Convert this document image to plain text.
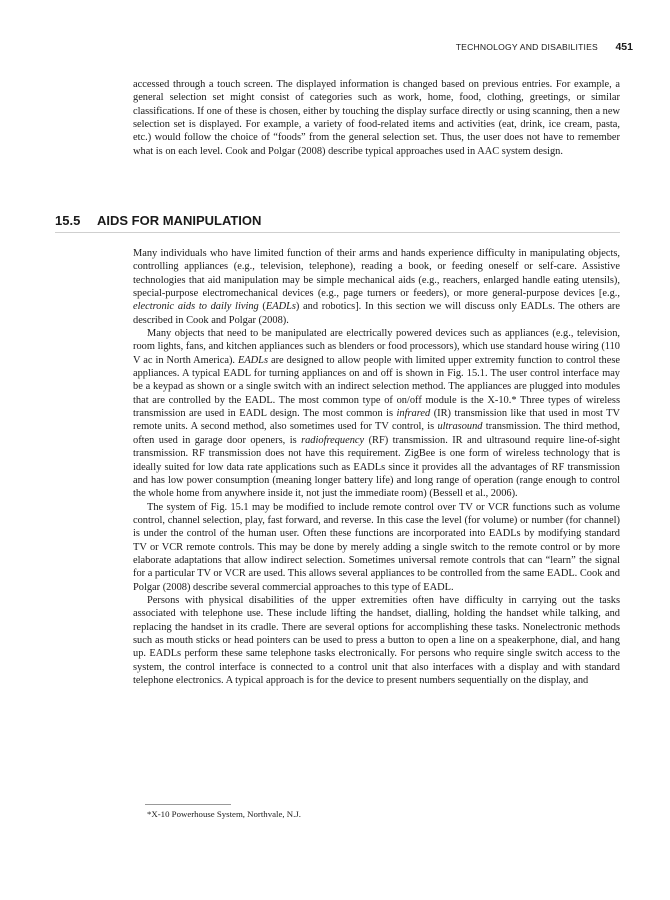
TECHNOLOGY AND DISABILITIES 451

accessed through a touch screen. The displayed information is changed based on previous entries. For example, a general selection set might consist of categories such as work, home, food, clothing, greetings, or similar classifications. If one of these is chosen, either by touching the display surface directly or using scanning, then a new selection set is displayed. For example, a variety of food-related items and activities (eat, drink, ice cream, pasta, etc.) would follow the choice of “foods” from the general selection set. Thus, the user does not have to remember what is on each level. Cook and Polgar (2008) describe typical approaches used in AAC system design.

15.5 AIDS FOR MANIPULATION

Many individuals who have limited function of their arms and hands experience difficulty in manipulating objects, controlling appliances (e.g., television, telephone), reading a book, or feeding oneself or self-care. Assistive technologies that aid manipulation may be simple mechanical aids (e.g., reachers, enlarged handle eating utensils), special-purpose electromechanical devices (e.g., page turners or feeders), or more general-purpose devices [e.g., electronic aids to daily living (EADLs) and robotics]. In this section we will discuss only EADLs. The others are described in Cook and Polgar (2008).

Many objects that need to be manipulated are electrically powered devices such as appliances (e.g., television, room lights, fans, and kitchen appliances such as blenders or food processors), which use standard house wiring (110 V ac in North America). EADLs are designed to allow people with limited upper extremity function to control these appliances. A typical EADL for turning appliances on and off is shown in Fig. 15.1. The user control interface may be a keypad as shown or a single switch with an indirect selection method. The appliances are plugged into modules that are controlled by the EADL. The most common type of on/off module is the X-10.* Three types of wireless transmission are used in EADL design. The most common is infrared (IR) transmission like that used in most TV remote units. A second method, also sometimes used for TV control, is ultrasound transmission. The third method, often used in garage door openers, is radiofrequency (RF) transmission. IR and ultrasound require line-of-sight transmission. RF transmission does not have this requirement. ZigBee is one form of wireless technology that is ideally suited for low data rate applications such as EADLs since it provides all the advantages of RF transmission and has low power consumption (meaning longer battery life) and long range of operation (range enough to control the whole home from anywhere inside it, not just the immediate room) (Bessell et al., 2006).

The system of Fig. 15.1 may be modified to include remote control over TV or VCR functions such as volume control, channel selection, play, fast forward, and reverse. In this case the level (for volume) or number (for channel) is under the control of the human user. Often these functions are incorporated into EADLs by modifying standard TV or VCR remote controls. This may be done by merely adding a single switch to the remote control or by more elaborate adaptations that allow indirect selection. Sometimes universal remote controls that can “learn” the signal for a particular TV or VCR are used. This allows several appliances to be controlled from the same EADL. Cook and Polgar (2008) describe several commercial approaches to this type of EADL.

Persons with physical disabilities of the upper extremities often have difficulty in carrying out the tasks associated with telephone use. These include lifting the handset, dialling, holding the handset while talking, and replacing the handset in its cradle. There are several options for accomplishing these tasks. Nonelectronic methods such as mouth sticks or head pointers can be used to press a button to open a line on a speakerphone, dial, and hang up. EADLs perform these same telephone tasks electronically. For persons who require single switch access to the system, the control interface is connected to a control unit that also interfaces with a display and with standard telephone electronics. A typical approach is for the device to present numbers sequentially on the display, and

*X-10 Powerhouse System, Northvale, N.J.
